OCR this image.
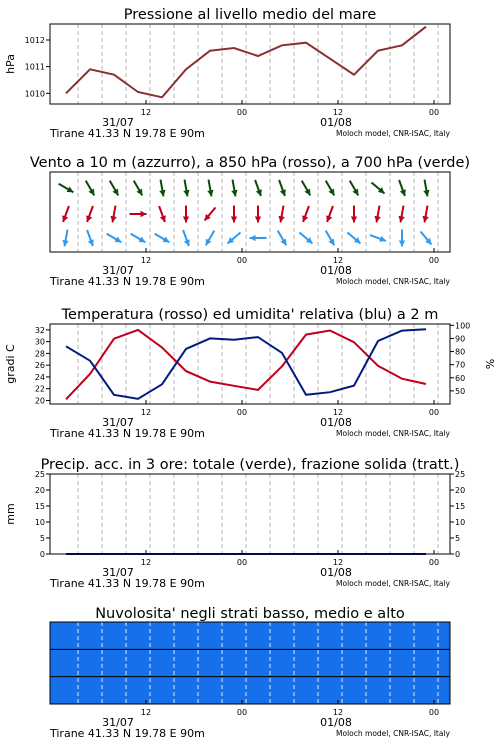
Pressione al livello medio del mare
hPa
1010
1011
1012
12	00	12	00
31/07	01/08
Tirane 41.33 N 19.78 E 90m	Moloch model, CNR-ISAC, Italy
Vento a 10 m (azzurro), a 850 hPa (rosso), a 700 hPa (verde)
12	00	12	00
31/07	01/08
Tirane 41.33 N 19.78 E 90m	Moloch model, CNR-ISAC, Italy
Temperatura (rosso) ed umidita' relativa (blu) a 2 m
gradi C	%
20
22
24
26
28
30
32
50
60
70
80
90
100
12	00	12	00
31/07	01/08
Tirane 41.33 N 19.78 E 90m	Moloch model, CNR-ISAC, Italy
Precip. acc. in 3 ore: totale (verde), frazione solida (tratt.)
mm
0
5
10
15
20
25
0
5
10
15
20
25
12	00	12	00
31/07	01/08
Tirane 41.33 N 19.78 E 90m	Moloch model, CNR-ISAC, Italy
Nuvolosita' negli strati basso, medio e alto
12	00	12	00
31/07	01/08
Tirane 41.33 N 19.78 E 90m	Moloch model, CNR-ISAC, Italy
